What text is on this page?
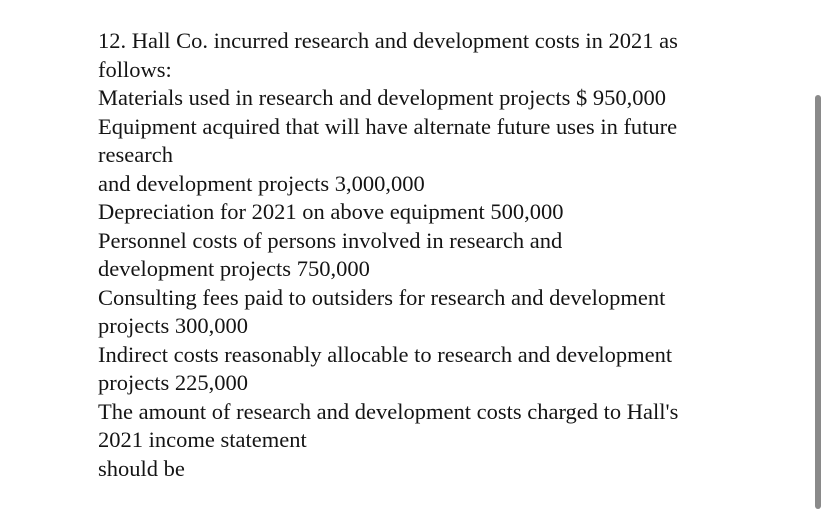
12. Hall Co. incurred research and development costs in 2021 as
follows:
Materials used in research and development projects $ 950,000
Equipment acquired that will have alternate future uses in future
research
and development projects 3,000,000
Depreciation for 2021 on above equipment 500,000
Personnel costs of persons involved in research and
development projects 750,000
Consulting fees paid to outsiders for research and development
projects 300,000
Indirect costs reasonably allocable to research and development
projects 225,000
The amount of research and development costs charged to Hall's
2021 income statement
should be
